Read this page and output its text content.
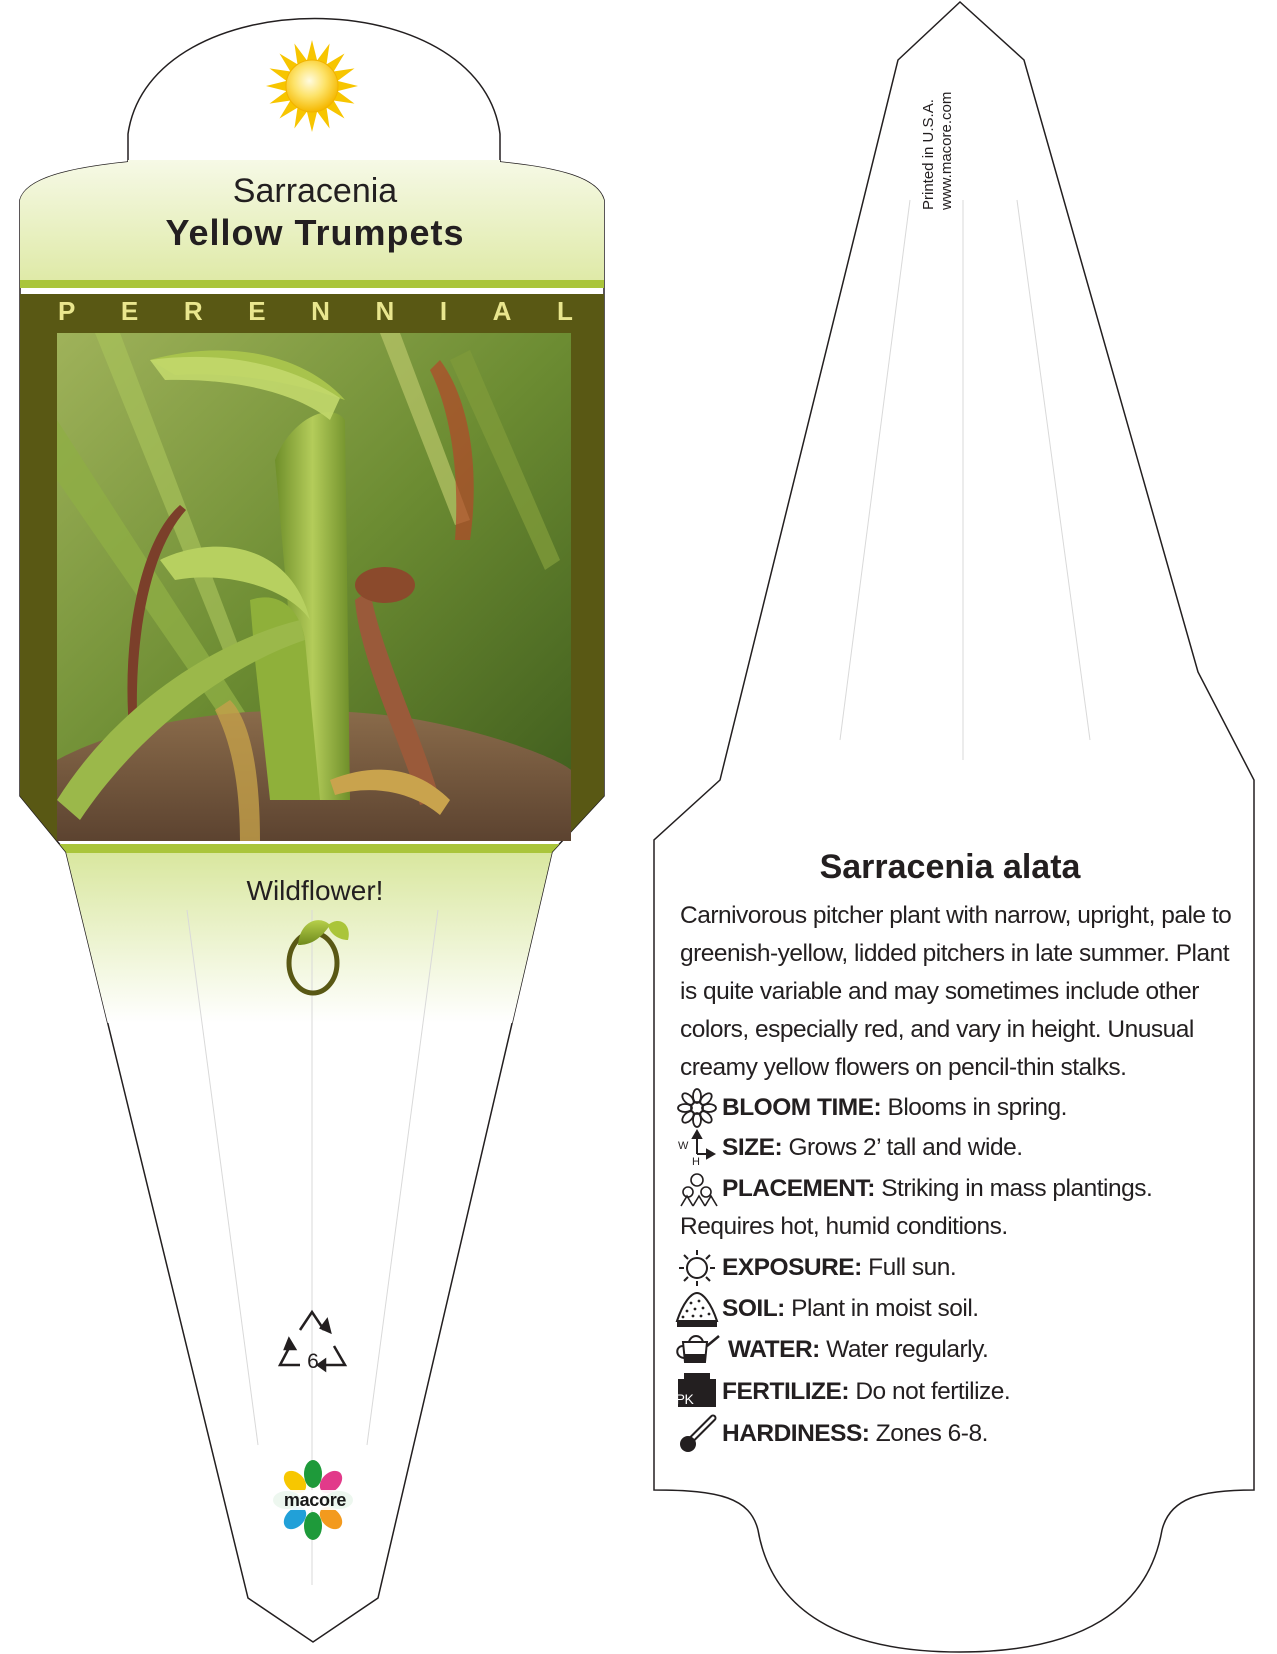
Sarracenia
Yellow Trumpets
P E R E N N I A L
Wildflower!
6
macore
Printed in U.S.A. www.macore.com
Sarracenia alata
Carnivorous pitcher plant with narrow, upright, pale to greenish-yellow, lidded pitchers in late summer. Plant is quite variable and may sometimes include other colors, especially red, and vary in height. Unusual creamy yellow flowers on pencil-thin stalks.
BLOOM TIME: Blooms in spring.
W
H
SIZE: Grows 2’ tall and wide.
PLACEMENT: Striking in mass plantings. Requires hot, humid conditions.
EXPOSURE: Full sun.
SOIL: Plant in moist soil.
WATER: Water regularly.
NPK FERTILIZE: Do not fertilize.
HARDINESS: Zones 6-8.
